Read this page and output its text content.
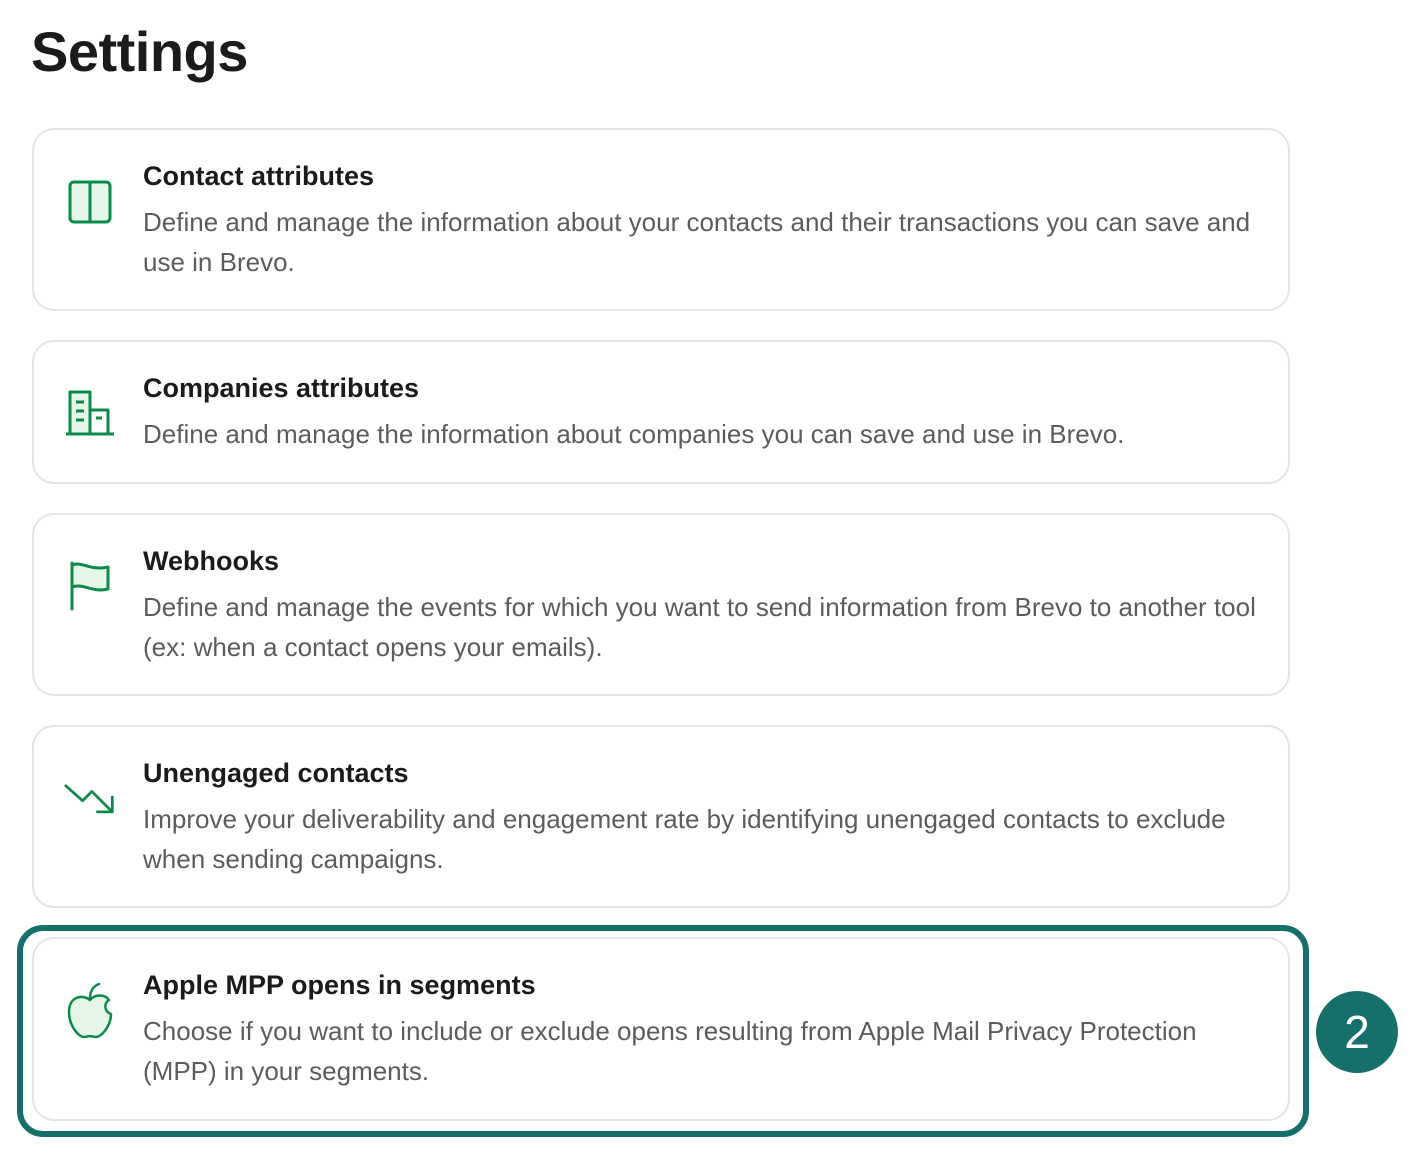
Settings

Contact attributes

Define and manage the information about your contacts and their transactions you can save and use in Brevo.

Companies attributes

Define and manage the information about companies you can save and use in Brevo.

Webhooks

Define and manage the events for which you want to send information from Brevo to another tool (ex: when a contact opens your emails).

Unengaged contacts

Improve your deliverability and engagement rate by identifying unengaged contacts to exclude when sending campaigns.

Apple MPP opens in segments

Choose if you want to include or exclude opens resulting from Apple Mail Privacy Protection (MPP) in your segments.

2
